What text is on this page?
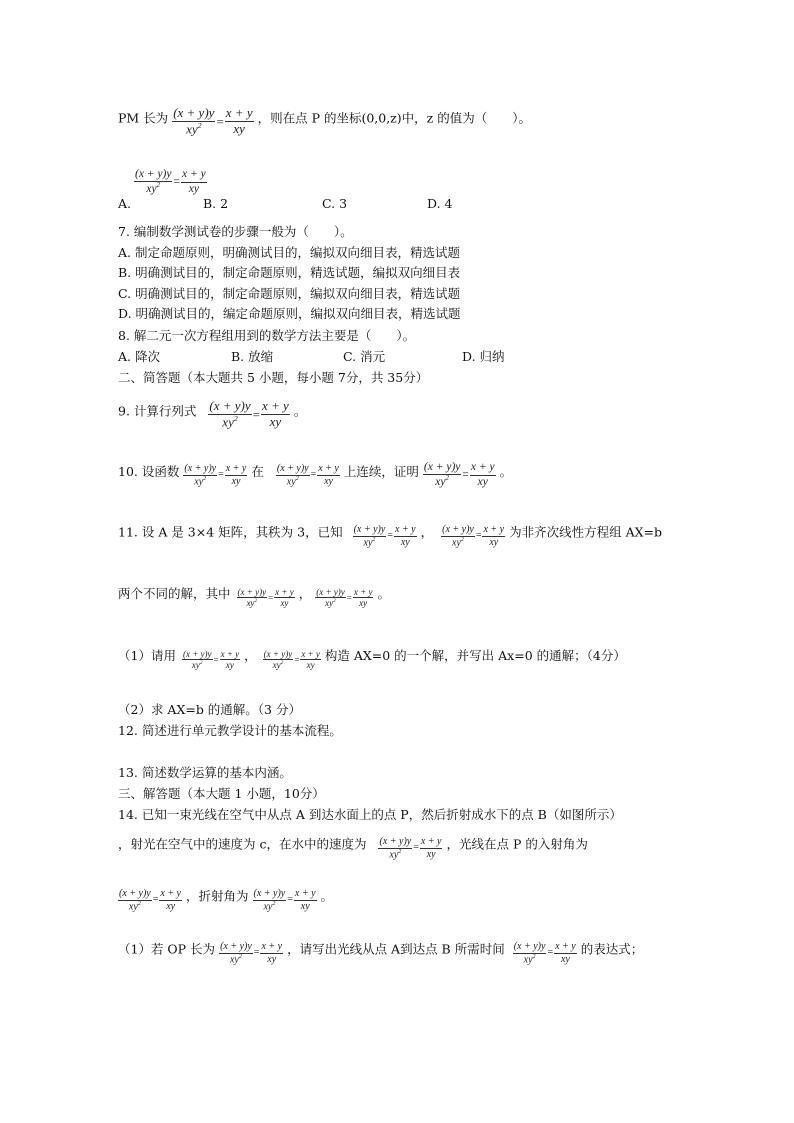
PM 长为 $\frac{(x + y)y}{xy^2} = \frac{x + y}{xy}$ ，则在点 P 的坐标(0,0,z)中，z 的值为（　　）。
A.
$\frac{(x + y)y}{xy^2} = \frac{x + y}{xy}$
B. 2	C. 3	D. 4
7. 编制数学测试卷的步骤一般为（　　）。
A. 制定命题原则，明确测试目的，编拟双向细目表，精选试题
B. 明确测试目的，制定命题原则，精选试题，编拟双向细目表
C. 明确测试目的，制定命题原则，编拟双向细目表，精选试题
D. 明确测试目的，编定命题原则，编拟双向细目表，精选试题
8. 解二元一次方程组用到的数学方法主要是（　　）。
A. 降次	B. 放缩	C. 消元	D. 归纳
二、简答题（本大题共 5 小题，每小题 7分，共 35分）
9. 计算行列式 $\frac{(x + y)y}{xy^2} = \frac{x + y}{xy}$ 。
10. 设函数 $\frac{(x + y)y}{xy^2} = \frac{x + y}{xy}$ 在 $\frac{(x + y)y}{xy^2} = \frac{x + y}{xy}$ 上连续，证明 $\frac{(x + y)y}{xy^2} = \frac{x + y}{xy}$ 。
11. 设 A 是 3×4 矩阵，其秩为 3，已知 $\frac{(x + y)y}{xy^2} = \frac{x + y}{xy}$ ， $\frac{(x + y)y}{xy^2} = \frac{x + y}{xy}$ 为非齐次线性方程组 AX=b
两个不同的解，其中 $\frac{(x + y)y}{xy^2} = \frac{x + y}{xy}$ ， $\frac{(x + y)y}{xy^2} = \frac{x + y}{xy}$ 。
（1）请用 $\frac{(x + y)y}{xy^2} = \frac{x + y}{xy}$ ， $\frac{(x + y)y}{xy^2} = \frac{x + y}{xy}$ 构造 AX=0 的一个解，并写出 Ax=0 的通解；（4分）
（2）求 AX=b 的通解。（3 分）
12. 简述进行单元教学设计的基本流程。
13. 简述数学运算的基本内涵。
三、解答题（本大题 1 小题，10分）
14. 已知一束光线在空气中从点 A 到达水面上的点 P，然后折射成水下的点 B（如图所示）
，射光在空气中的速度为 c，在水中的速度为 $\frac{(x + y)y}{xy^2} = \frac{x + y}{xy}$ ，光线在点 P 的入射角为
$\frac{(x + y)y}{xy^2} = \frac{x + y}{xy}$ ，折射角为 $\frac{(x + y)y}{xy^2} = \frac{x + y}{xy}$ 。
（1）若 OP 长为 $\frac{(x + y)y}{xy^2} = \frac{x + y}{xy}$ ，请写出光线从点 A到达点 B 所需时间 $\frac{(x + y)y}{xy^2} = \frac{x + y}{xy}$ 的表达式；
